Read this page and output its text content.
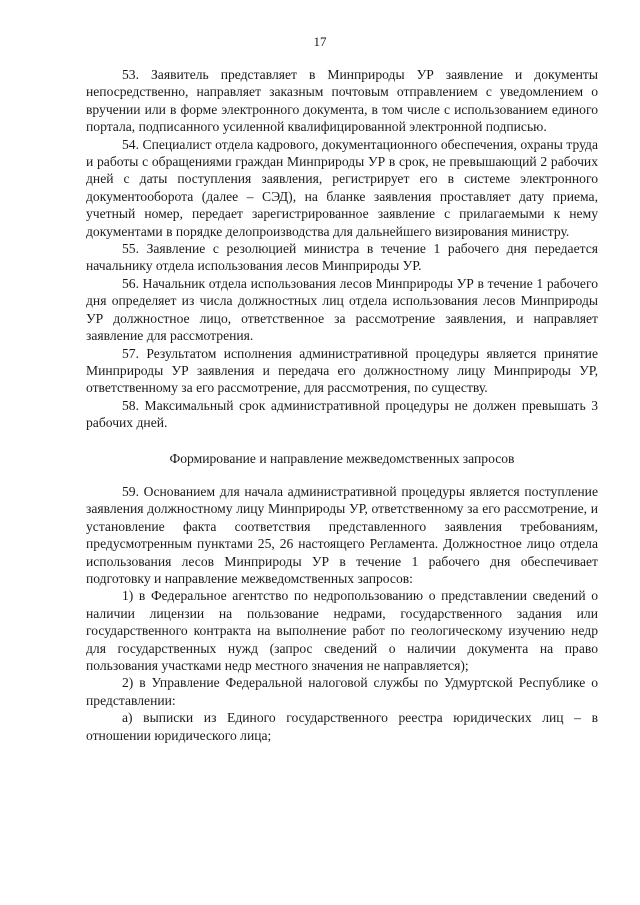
17

53. Заявитель представляет в Минприроды УР заявление и документы непосредственно, направляет заказным почтовым отправлением с уведомлением о вручении или в форме электронного документа, в том числе с использованием единого портала, подписанного усиленной квалифицированной электронной подписью.

54. Специалист отдела кадрового, документационного обеспечения, охраны труда и работы с обращениями граждан Минприроды УР в срок, не превышающий 2 рабочих дней с даты поступления заявления, регистрирует его в системе электронного документооборота (далее – СЭД), на бланке заявления проставляет дату приема, учетный номер, передает зарегистрированное заявление с прилагаемыми к нему документами в порядке делопроизводства для дальнейшего визирования министру.

55. Заявление с резолюцией министра в течение 1 рабочего дня передается начальнику отдела использования лесов Минприроды УР.

56. Начальник отдела использования лесов Минприроды УР в течение 1 рабочего дня определяет из числа должностных лиц отдела использования лесов Минприроды УР должностное лицо, ответственное за рассмотрение заявления, и направляет заявление для рассмотрения.

57. Результатом исполнения административной процедуры является принятие Минприроды УР заявления и передача его должностному лицу Минприроды УР, ответственному за его рассмотрение, для рассмотрения, по существу.

58. Максимальный срок административной процедуры не должен превышать 3 рабочих дней.

Формирование и направление межведомственных запросов

59. Основанием для начала административной процедуры является поступление заявления должностному лицу Минприроды УР, ответственному за его рассмотрение, и установление факта соответствия представленного заявления требованиям, предусмотренным пунктами 25, 26 настоящего Регламента. Должностное лицо отдела использования лесов Минприроды УР в течение 1 рабочего дня обеспечивает подготовку и направление межведомственных запросов:

1) в Федеральное агентство по недропользованию о представлении сведений о наличии лицензии на пользование недрами, государственного задания или государственного контракта на выполнение работ по геологическому изучению недр для государственных нужд (запрос сведений о наличии документа на право пользования участками недр местного значения не направляется);

2) в Управление Федеральной налоговой службы по Удмуртской Республике о представлении:

а) выписки из Единого государственного реестра юридических лиц – в отношении юридического лица;
